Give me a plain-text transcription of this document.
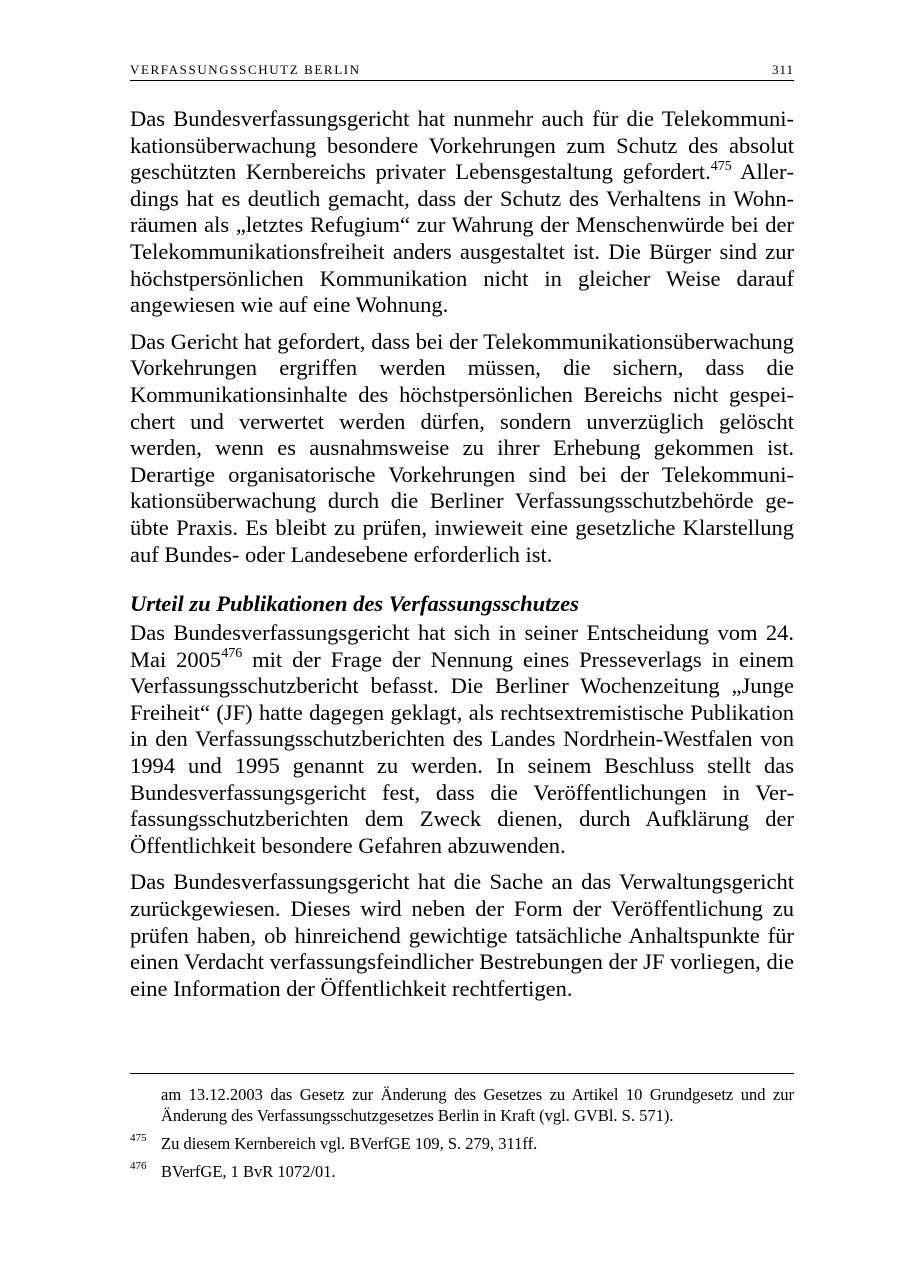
VERFASSUNGSSCHUTZ BERLIN	311

Das Bundesverfassungsgericht hat nunmehr auch für die Telekommunikationsüberwachung besondere Vorkehrungen zum Schutz des absolut geschützten Kernbereichs privater Lebensgestaltung gefordert.$^{475}$ Allerdings hat es deutlich gemacht, dass der Schutz des Verhaltens in Wohnräumen als „letztes Refugium“ zur Wahrung der Menschenwürde bei der Telekommunikationsfreiheit anders ausgestaltet ist. Die Bürger sind zur höchstpersönlichen Kommunikation nicht in gleicher Weise darauf angewiesen wie auf eine Wohnung.

Das Gericht hat gefordert, dass bei der Telekommunikationsüberwachung Vorkehrungen ergriffen werden müssen, die sichern, dass die Kommunikationsinhalte des höchstpersönlichen Bereichs nicht gespeichert und verwertet werden dürfen, sondern unverzüglich gelöscht werden, wenn es ausnahmsweise zu ihrer Erhebung gekommen ist. Derartige organisatorische Vorkehrungen sind bei der Telekommunikationsüberwachung durch die Berliner Verfassungsschutzbehörde geübte Praxis. Es bleibt zu prüfen, inwieweit eine gesetzliche Klarstellung auf Bundes- oder Landesebene erforderlich ist.

Urteil zu Publikationen des Verfassungsschutzes

Das Bundesverfassungsgericht hat sich in seiner Entscheidung vom 24. Mai 2005$^{476}$ mit der Frage der Nennung eines Presseverlags in einem Verfassungsschutzbericht befasst. Die Berliner Wochenzeitung „Junge Freiheit“ (JF) hatte dagegen geklagt, als rechtsextremistische Publikation in den Verfassungsschutzberichten des Landes Nordrhein-Westfalen von 1994 und 1995 genannt zu werden. In seinem Beschluss stellt das Bundesverfassungsgericht fest, dass die Veröffentlichungen in Verfassungsschutzberichten dem Zweck dienen, durch Aufklärung der Öffentlichkeit besondere Gefahren abzuwenden.

Das Bundesverfassungsgericht hat die Sache an das Verwaltungsgericht zurückgewiesen. Dieses wird neben der Form der Veröffentlichung zu prüfen haben, ob hinreichend gewichtige tatsächliche Anhaltspunkte für einen Verdacht verfassungsfeindlicher Bestrebungen der JF vorliegen, die eine Information der Öffentlichkeit rechtfertigen.

am 13.12.2003 das Gesetz zur Änderung des Gesetzes zu Artikel 10 Grundgesetz und zur Änderung des Verfassungsschutzgesetzes Berlin in Kraft (vgl. GVBl. S. 571).
475 Zu diesem Kernbereich vgl. BVerfGE 109, S. 279, 311ff.
476 BVerfGE, 1 BvR 1072/01.
